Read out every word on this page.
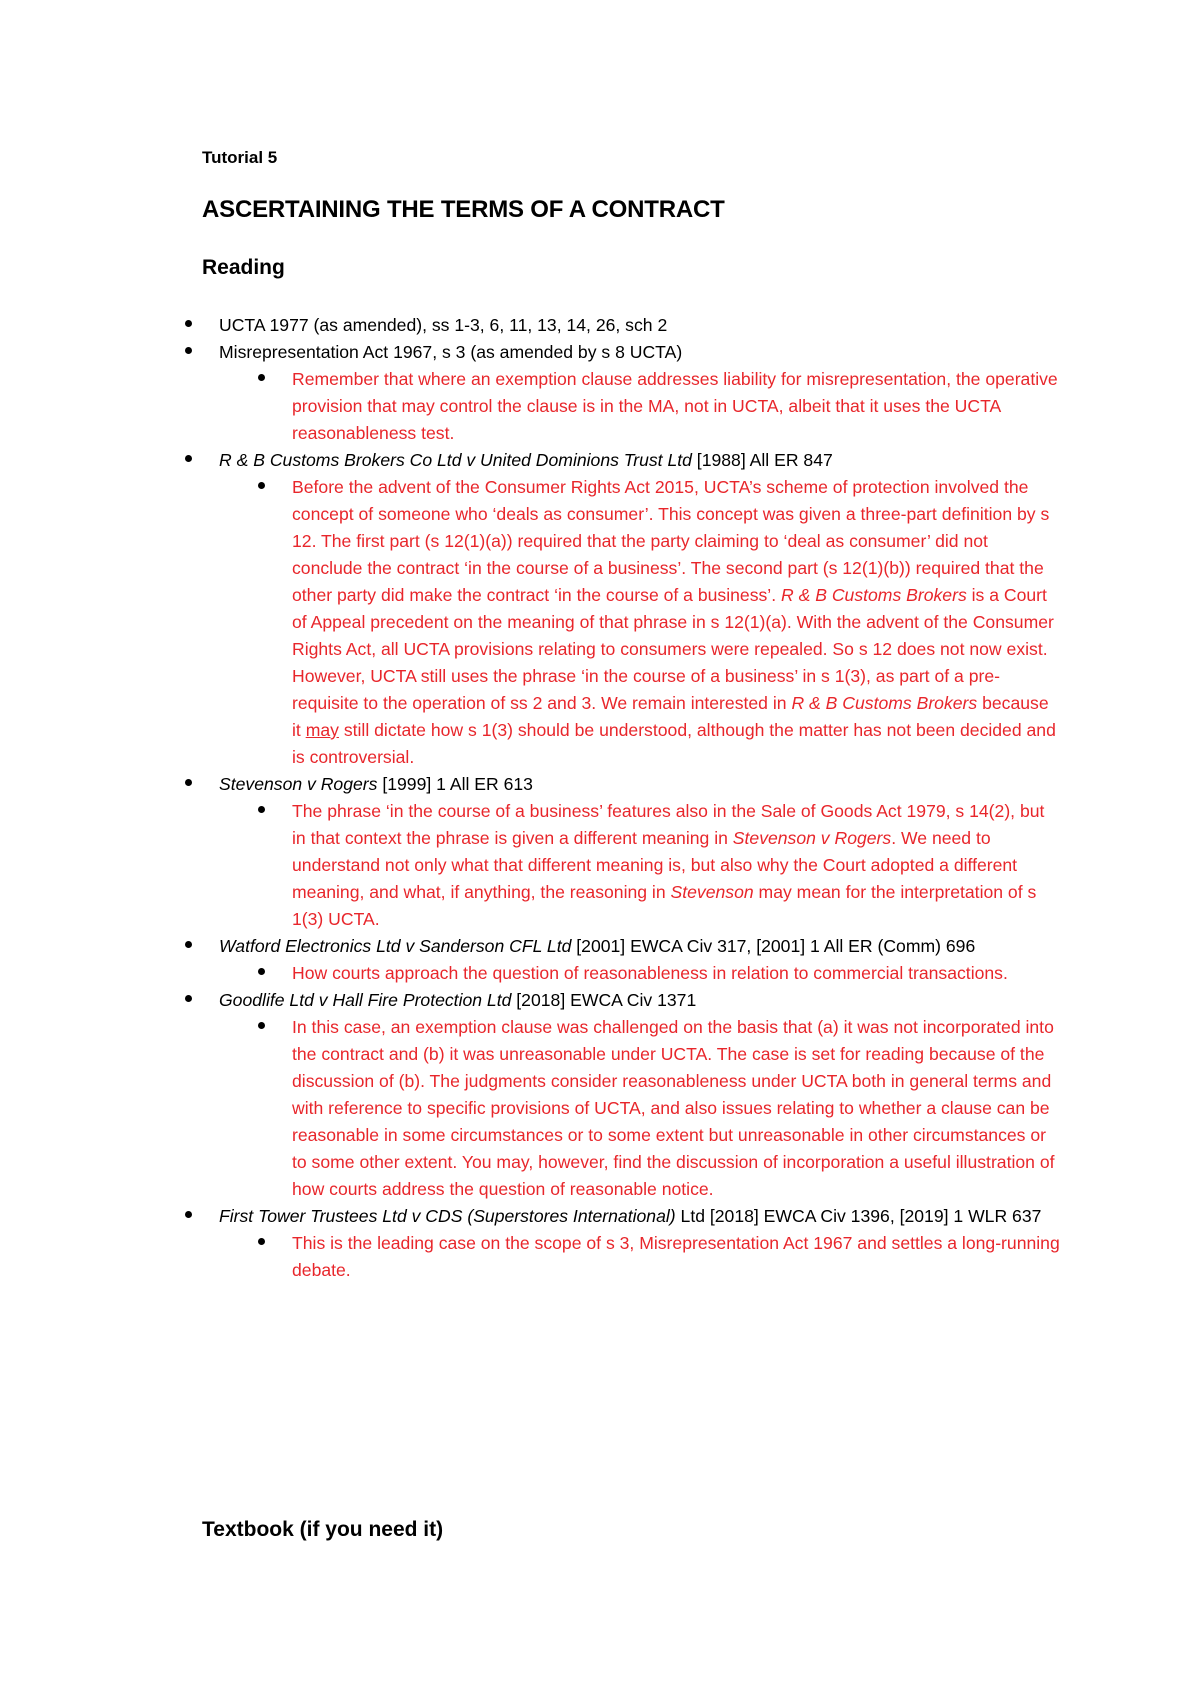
Tutorial 5
ASCERTAINING THE TERMS OF A CONTRACT
Reading
UCTA 1977 (as amended), ss 1-3, 6, 11, 13, 14, 26, sch 2
Misrepresentation Act 1967, s 3 (as amended by s 8 UCTA)
Remember that where an exemption clause addresses liability for misrepresentation, the operative provision that may control the clause is in the MA, not in UCTA, albeit that it uses the UCTA reasonableness test.
R & B Customs Brokers Co Ltd v United Dominions Trust Ltd [1988] All ER 847
Before the advent of the Consumer Rights Act 2015, UCTA’s scheme of protection involved the concept of someone who ‘deals as consumer’. This concept was given a three-part definition by s 12. The first part (s 12(1)(a)) required that the party claiming to ‘deal as consumer’ did not conclude the contract ‘in the course of a business’. The second part (s 12(1)(b)) required that the other party did make the contract ‘in the course of a business’. R & B Customs Brokers is a Court of Appeal precedent on the meaning of that phrase in s 12(1)(a). With the advent of the Consumer Rights Act, all UCTA provisions relating to consumers were repealed. So s 12 does not now exist. However, UCTA still uses the phrase ‘in the course of a business’ in s 1(3), as part of a pre-requisite to the operation of ss 2 and 3. We remain interested in R & B Customs Brokers because it may still dictate how s 1(3) should be understood, although the matter has not been decided and is controversial.
Stevenson v Rogers [1999] 1 All ER 613
The phrase ‘in the course of a business’ features also in the Sale of Goods Act 1979, s 14(2), but in that context the phrase is given a different meaning in Stevenson v Rogers. We need to understand not only what that different meaning is, but also why the Court adopted a different meaning, and what, if anything, the reasoning in Stevenson may mean for the interpretation of s 1(3) UCTA.
Watford Electronics Ltd v Sanderson CFL Ltd [2001] EWCA Civ 317, [2001] 1 All ER (Comm) 696
How courts approach the question of reasonableness in relation to commercial transactions.
Goodlife Ltd v Hall Fire Protection Ltd [2018] EWCA Civ 1371
In this case, an exemption clause was challenged on the basis that (a) it was not incorporated into the contract and (b) it was unreasonable under UCTA. The case is set for reading because of the discussion of (b). The judgments consider reasonableness under UCTA both in general terms and with reference to specific provisions of UCTA, and also issues relating to whether a clause can be reasonable in some circumstances or to some extent but unreasonable in other circumstances or to some other extent. You may, however, find the discussion of incorporation a useful illustration of how courts address the question of reasonable notice.
First Tower Trustees Ltd v CDS (Superstores International) Ltd [2018] EWCA Civ 1396, [2019] 1 WLR 637
This is the leading case on the scope of s 3, Misrepresentation Act 1967 and settles a long-running debate.
Textbook (if you need it)
